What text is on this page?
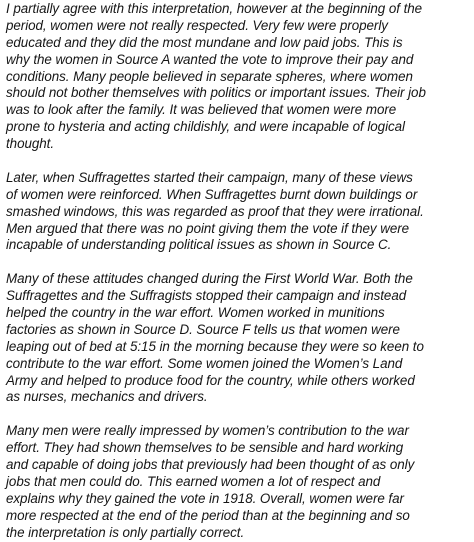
I partially agree with this interpretation, however at the beginning of the
period, women were not really respected. Very few were properly
educated and they did the most mundane and low paid jobs. This is
why the women in Source A wanted the vote to improve their pay and
conditions. Many people believed in separate spheres, where women
should not bother themselves with politics or important issues. Their job
was to look after the family. It was believed that women were more
prone to hysteria and acting childishly, and were incapable of logical
thought.
Later, when Suffragettes started their campaign, many of these views
of women were reinforced. When Suffragettes burnt down buildings or
smashed windows, this was regarded as proof that they were irrational.
Men argued that there was no point giving them the vote if they were
incapable of understanding political issues as shown in Source C.
Many of these attitudes changed during the First World War. Both the
Suffragettes and the Suffragists stopped their campaign and instead
helped the country in the war effort. Women worked in munitions
factories as shown in Source D. Source F tells us that women were
leaping out of bed at 5:15 in the morning because they were so keen to
contribute to the war effort. Some women joined the Women’s Land
Army and helped to produce food for the country, while others worked
as nurses, mechanics and drivers.
Many men were really impressed by women’s contribution to the war
effort. They had shown themselves to be sensible and hard working
and capable of doing jobs that previously had been thought of as only
jobs that men could do. This earned women a lot of respect and
explains why they gained the vote in 1918. Overall, women were far
more respected at the end of the period than at the beginning and so
the interpretation is only partially correct.
